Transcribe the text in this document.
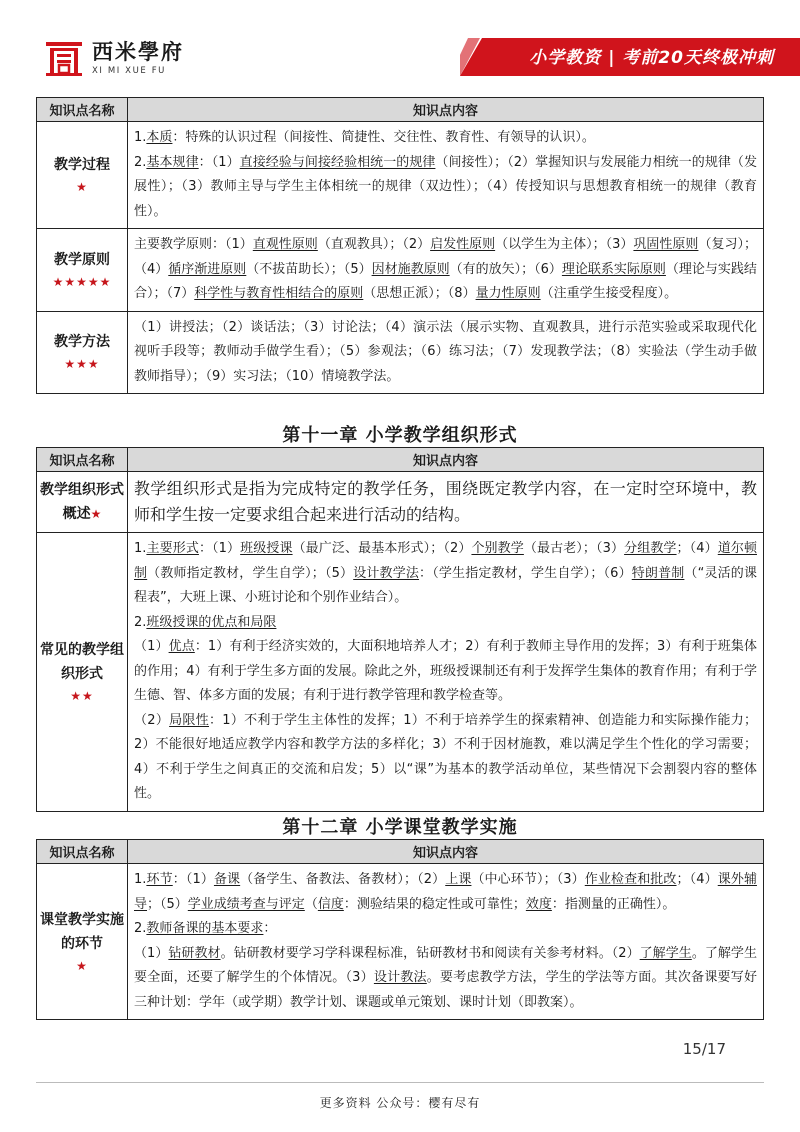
西米學府
XI MI XUE FU
小学教资 | 考前20天终极冲刺
知识点名称	知识点内容
教学过程
★	1.本质：特殊的认识过程（间接性、简捷性、交往性、教育性、有领导的认识）。
2.基本规律：（1）直接经验与间接经验相统一的规律（间接性）；（2）掌握知识与发展能力相统一的规律（发展性）；（3）教师主导与学生主体相统一的规律（双边性）；（4）传授知识与思想教育相统一的规律（教育性）。

教学原则
★★★★★	主要教学原则：（1）直观性原则（直观教具）；（2）启发性原则（以学生为主体）；（3）巩固性原则（复习）；（4）循序渐进原则（不拔苗助长）；（5）因材施教原则（有的放矢）；（6）理论联系实际原则（理论与实践结合）；（7）科学性与教育性相结合的原则（思想正派）；（8）量力性原则（注重学生接受程度）。

教学方法
★★★	（1）讲授法；（2）谈话法；（3）讨论法；（4）演示法（展示实物、直观教具，进行示范实验或采取现代化视听手段等；教师动手做学生看）；（5）参观法；（6）练习法；（7）发现教学法；（8）实验法（学生动手做教师指导）；（9）实习法；（10）情境教学法。
第十一章 小学教学组织形式
知识点名称	知识点内容
教学组织形式概述★	教学组织形式是指为完成特定的教学任务，围绕既定教学内容，在一定时空环境中，教师和学生按一定要求组合起来进行活动的结构。

常见的教学组织形式
★★	1.主要形式：（1）班级授课（最广泛、最基本形式）；（2）个别教学（最古老）；（3）分组教学；（4）道尔顿制（教师指定教材，学生自学）；（5）设计教学法：（学生指定教材，学生自学）；（6）特朗普制（“灵活的课程表”，大班上课、小班讨论和个别作业结合）。
2.班级授课的优点和局限
（1）优点：1）有利于经济实效的，大面积地培养人才；2）有利于教师主导作用的发挥；3）有利于班集体的作用；4）有利于学生多方面的发展。除此之外，班级授课制还有利于发挥学生集体的教育作用；有利于学生德、智、体多方面的发展；有利于进行教学管理和教学检查等。
（2）局限性：1）不利于学生主体性的发挥；1）不利于培养学生的探索精神、创造能力和实际操作能力；2）不能很好地适应教学内容和教学方法的多样化；3）不利于因材施教，难以满足学生个性化的学习需要；4）不利于学生之间真正的交流和启发；5）以“课”为基本的教学活动单位，某些情况下会割裂内容的整体性。
第十二章 小学课堂教学实施
知识点名称	知识点内容
课堂教学实施的环节
★	1.环节：（1）备课（备学生、备教法、备教材）；（2）上课（中心环节）；（3）作业检查和批改；（4）课外辅导；（5）学业成绩考查与评定（信度：测验结果的稳定性或可靠性；效度：指测量的正确性）。
2.教师备课的基本要求：
（1）钻研教材。钻研教材要学习学科课程标准，钻研教材书和阅读有关参考材料。（2）了解学生。了解学生要全面，还要了解学生的个体情况。（3）设计教法。要考虑教学方法，学生的学法等方面。其次备课要写好三种计划：学年（或学期）教学计划、课题或单元策划、课时计划（即教案）。
15/17
更多资料 公众号：樱有尽有
